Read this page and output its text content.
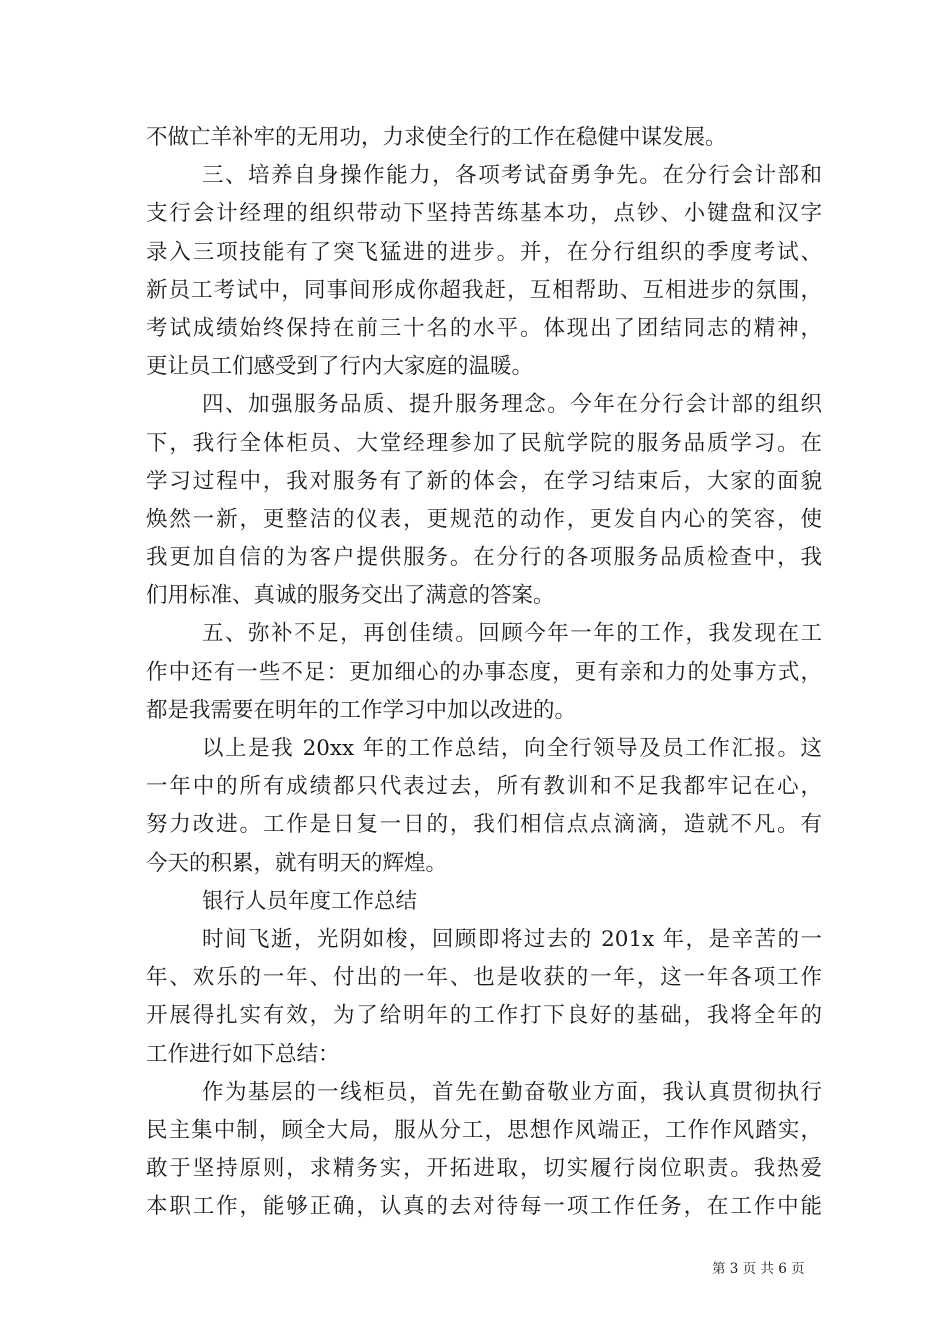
不做亡羊补牢的无用功，力求使全行的工作在稳健中谋发展。
三、培养自身操作能力，各项考试奋勇争先。在分行会计部和
支行会计经理的组织带动下坚持苦练基本功，点钞、小键盘和汉字
录入三项技能有了突飞猛进的进步。并，在分行组织的季度考试、
新员工考试中，同事间形成你超我赶，互相帮助、互相进步的氛围，
考试成绩始终保持在前三十名的水平。体现出了团结同志的精神，
更让员工们感受到了行内大家庭的温暖。
四、加强服务品质、提升服务理念。今年在分行会计部的组织
下，我行全体柜员、大堂经理参加了民航学院的服务品质学习。在
学习过程中，我对服务有了新的体会，在学习结束后，大家的面貌
焕然一新，更整洁的仪表，更规范的动作，更发自内心的笑容，使
我更加自信的为客户提供服务。在分行的各项服务品质检查中，我
们用标准、真诚的服务交出了满意的答案。
五、弥补不足，再创佳绩。回顾今年一年的工作，我发现在工
作中还有一些不足：更加细心的办事态度，更有亲和力的处事方式，
都是我需要在明年的工作学习中加以改进的。
以上是我 20xx 年的工作总结，向全行领导及员工作汇报。这
一年中的所有成绩都只代表过去，所有教训和不足我都牢记在心，
努力改进。工作是日复一日的，我们相信点点滴滴，造就不凡。有
今天的积累，就有明天的辉煌。
银行人员年度工作总结
时间飞逝，光阴如梭，回顾即将过去的 201x 年，是辛苦的一
年、欢乐的一年、付出的一年、也是收获的一年，这一年各项工作
开展得扎实有效，为了给明年的工作打下良好的基础，我将全年的
工作进行如下总结：
作为基层的一线柜员，首先在勤奋敬业方面，我认真贯彻执行
民主集中制，顾全大局，服从分工，思想作风端正，工作作风踏实，
敢于坚持原则，求精务实，开拓进取，切实履行岗位职责。我热爱
本职工作，能够正确，认真的去对待每一项工作任务，在工作中能
第 3 页 共 6 页
